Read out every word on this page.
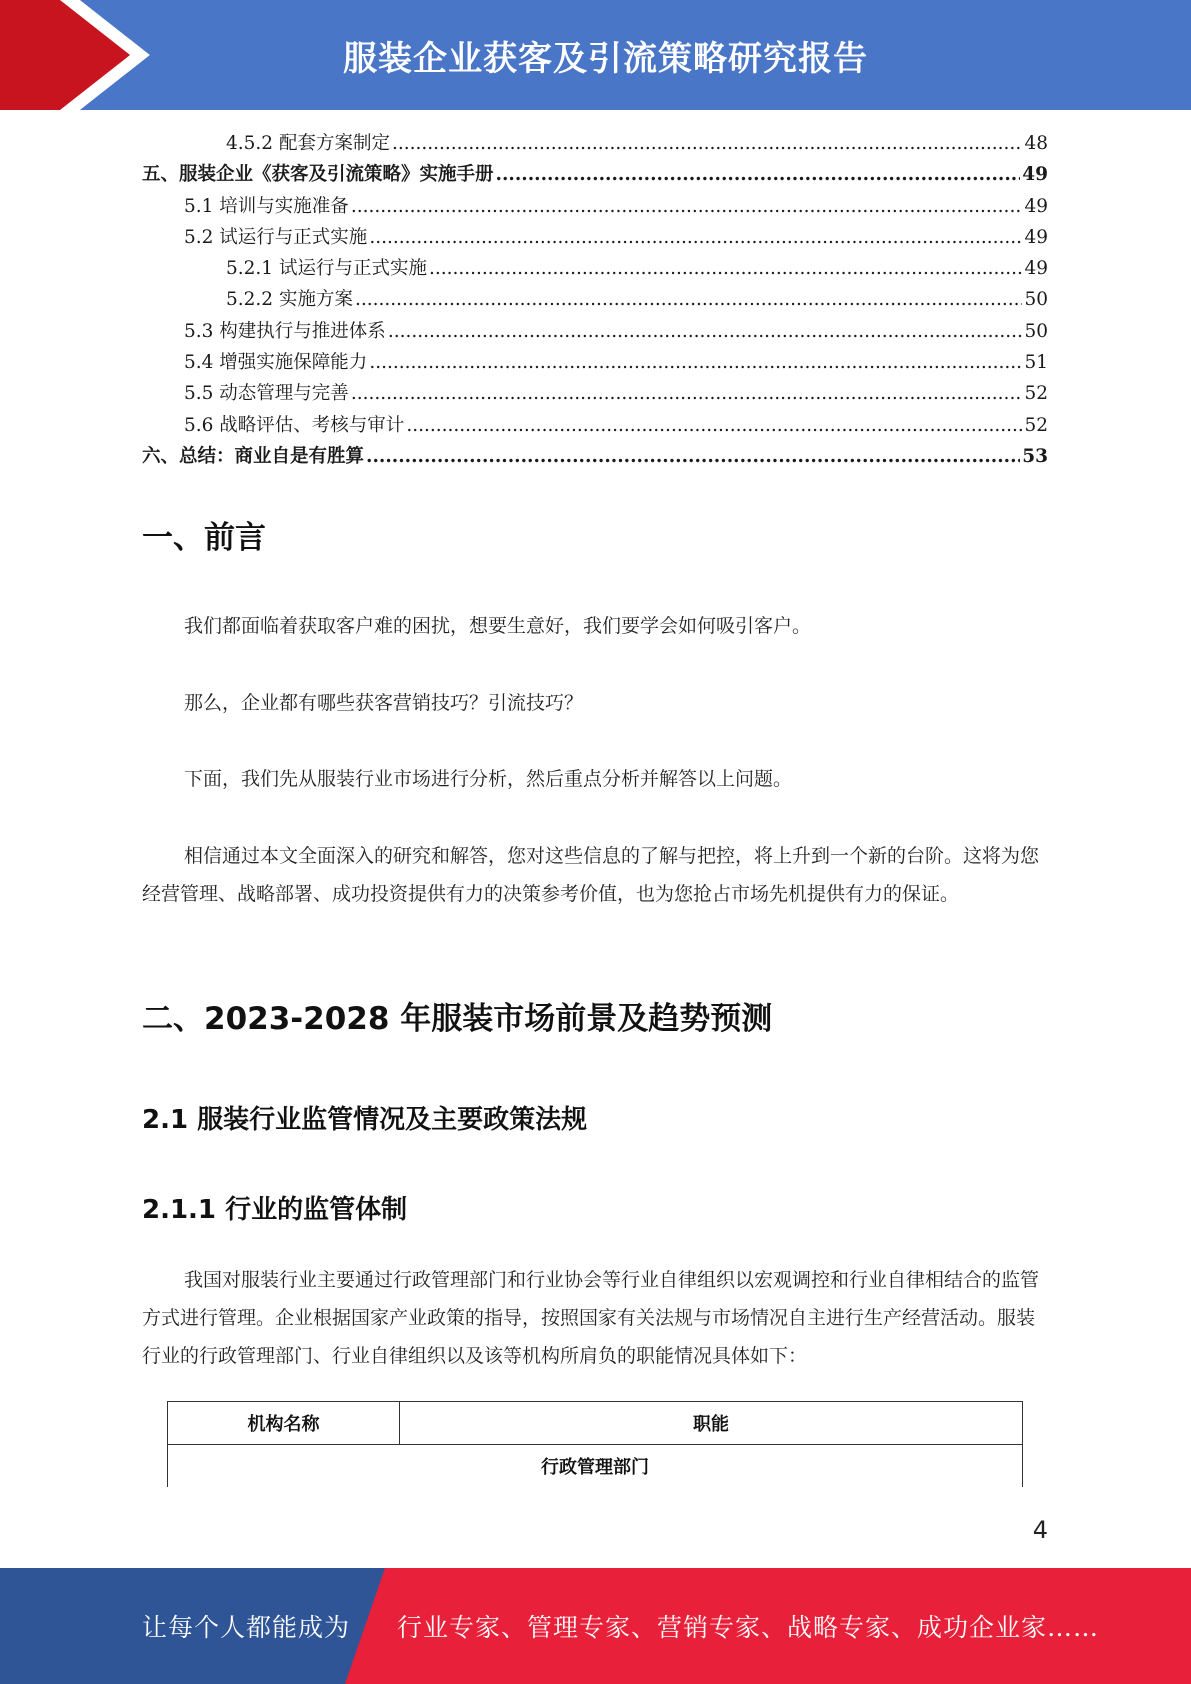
服装企业获客及引流策略研究报告
4.5.2 配套方案制定 .....	48
五、服装企业《获客及引流策略》实施手册 .....	49
5.1 培训与实施准备 .....	49
5.2 试运行与正式实施 .....	49
5.2.1 试运行与正式实施 .....	49
5.2.2 实施方案 .....	50
5.3 构建执行与推进体系 .....	50
5.4 增强实施保障能力 .....	51
5.5 动态管理与完善 .....	52
5.6 战略评估、考核与审计 .....	52
六、总结：商业自是有胜算 .....	53
一、前言

我们都面临着获取客户难的困扰，想要生意好，我们要学会如何吸引客户。

那么，企业都有哪些获客营销技巧？引流技巧？

下面，我们先从服装行业市场进行分析，然后重点分析并解答以上问题。

相信通过本文全面深入的研究和解答，您对这些信息的了解与把控，将上升到一个新的台阶。这将为您经营管理、战略部署、成功投资提供有力的决策参考价值，也为您抢占市场先机提供有力的保证。

二、2023-2028 年服装市场前景及趋势预测
2.1 服装行业监管情况及主要政策法规
2.1.1 行业的监管体制

我国对服装行业主要通过行政管理部门和行业协会等行业自律组织以宏观调控和行业自律相结合的监管方式进行管理。企业根据国家产业政策的指导，按照国家有关法规与市场情况自主进行生产经营活动。服装行业的行政管理部门、行业自律组织以及该等机构所肩负的职能情况具体如下：

机构名称	职能
行政管理部门
4
让每个人都能成为 行业专家、管理专家、营销专家、战略专家、成功企业家……
